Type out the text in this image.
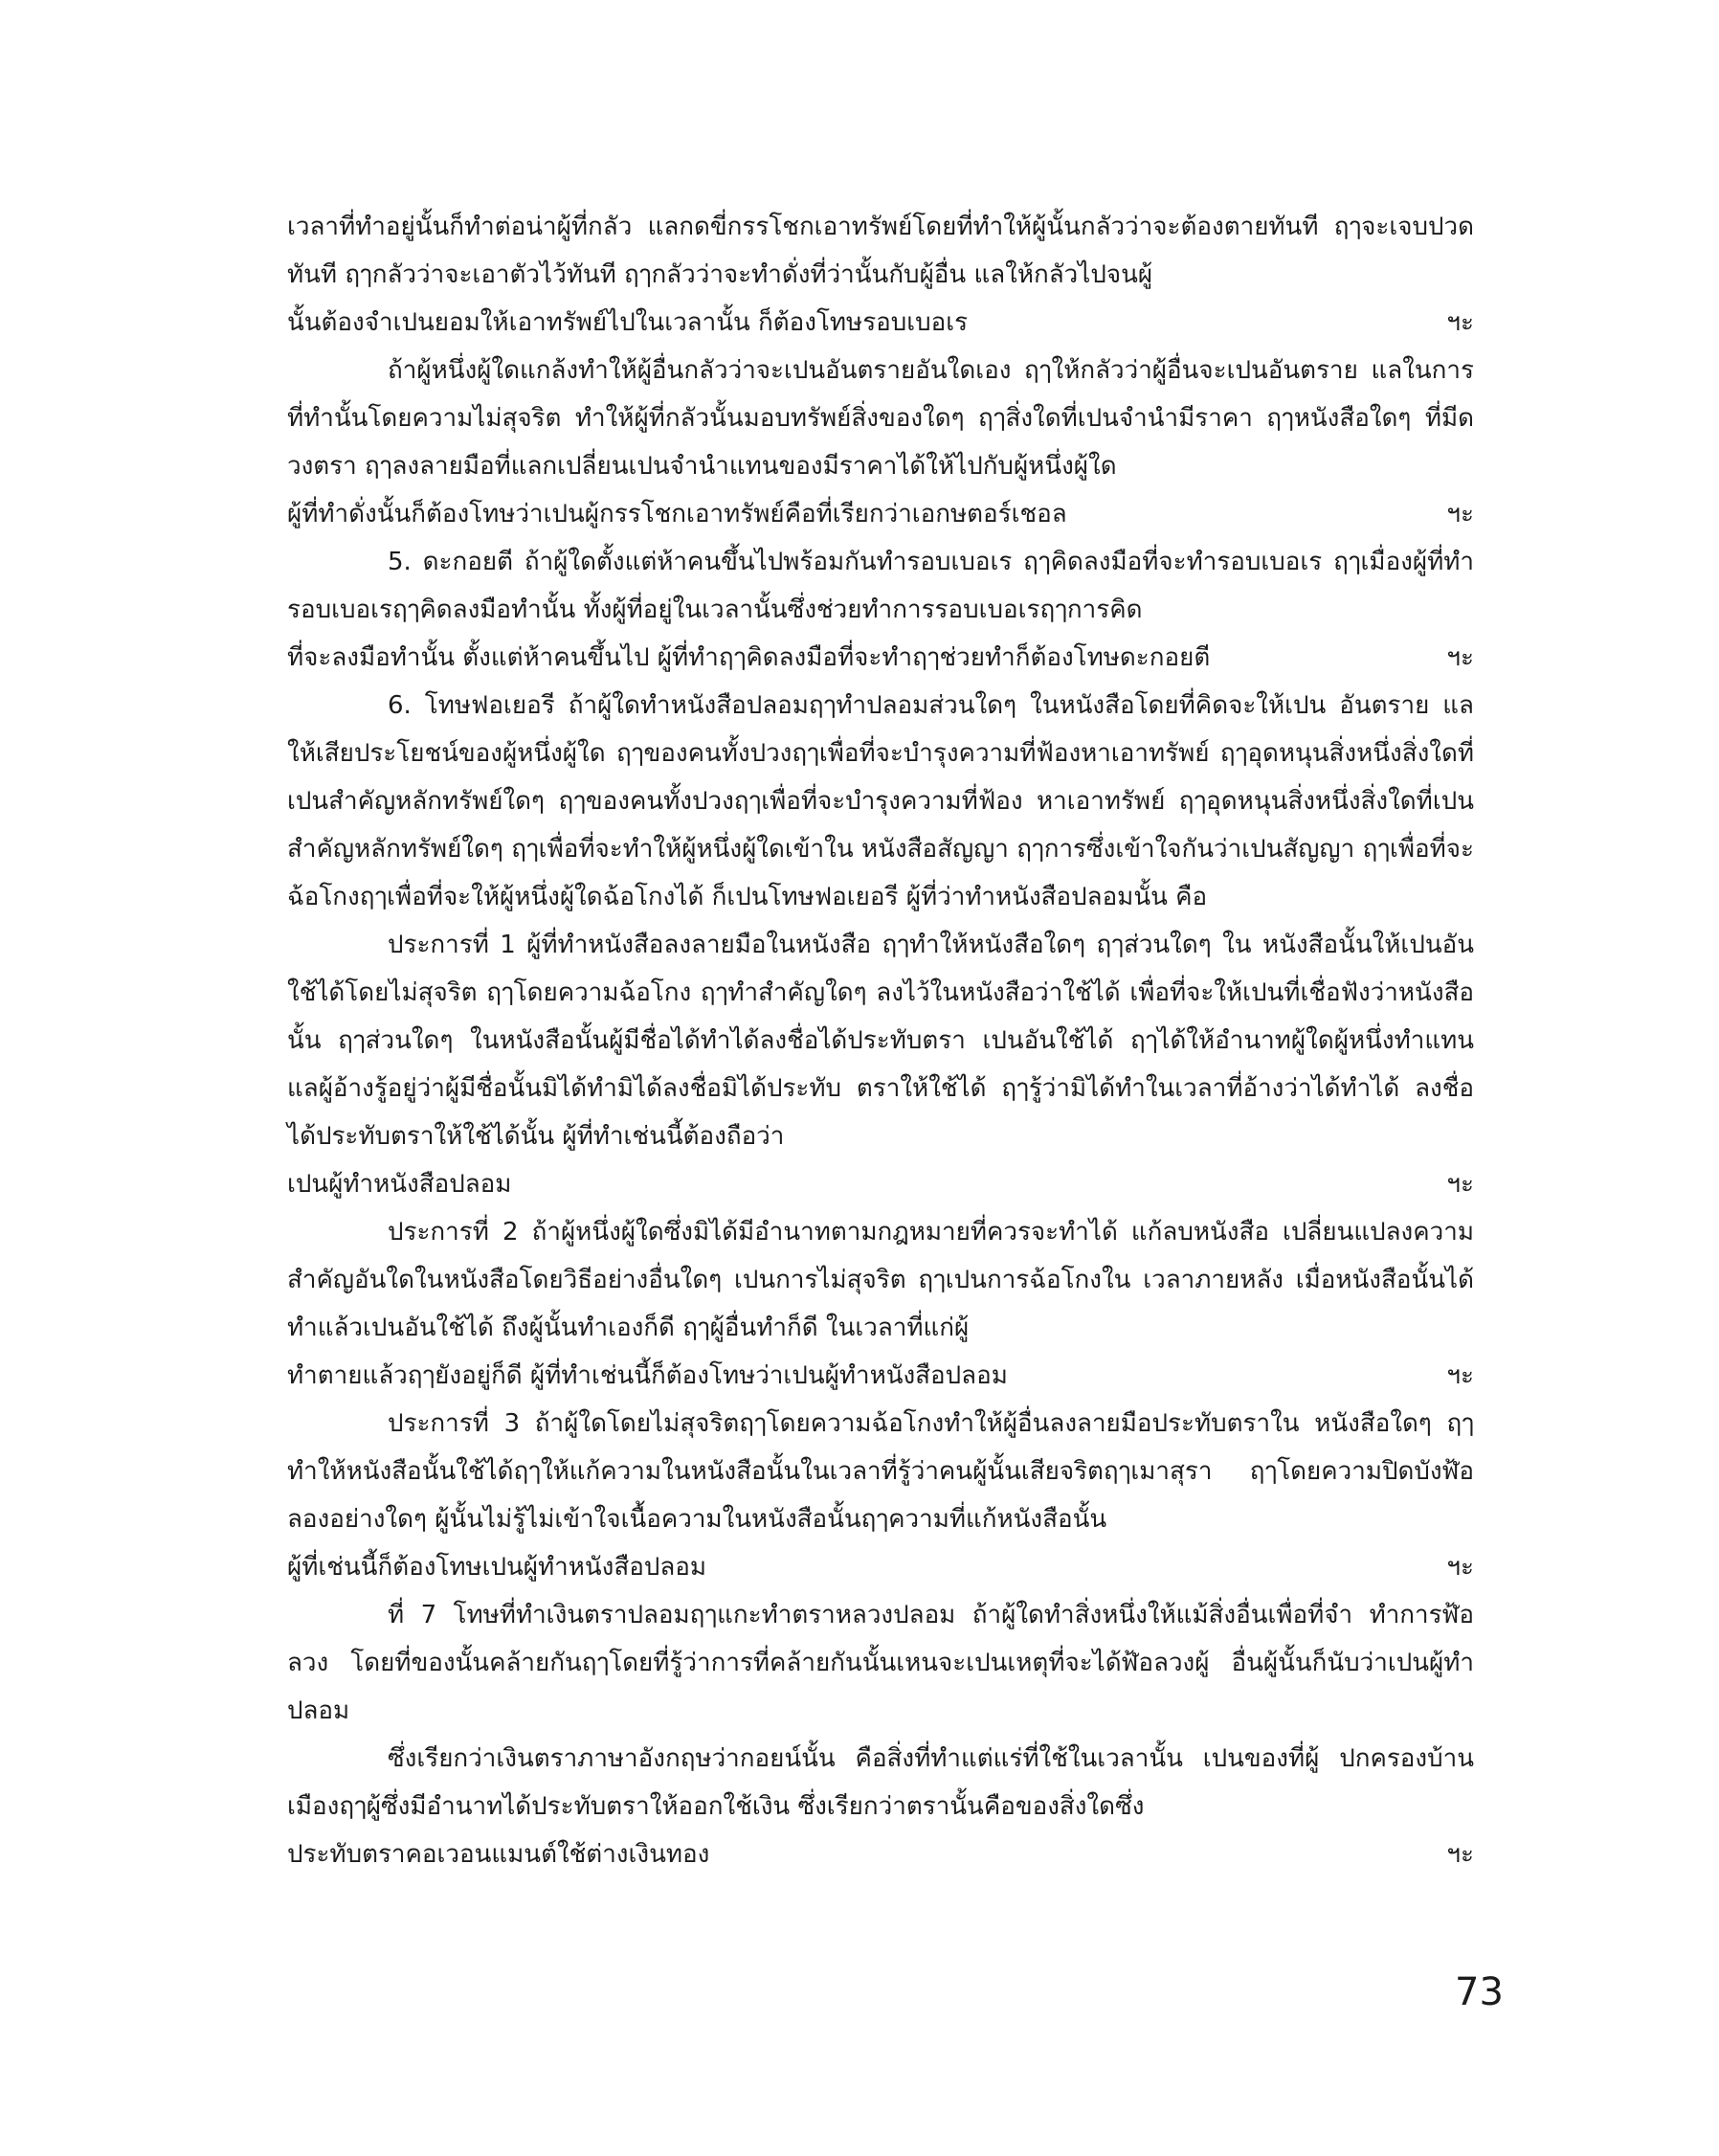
เวลาที่ทำอยู่นั้นก็ทำต่อน่าผู้ที่กลัว แลกดขี่กรรโชกเอาทรัพย์โดยที่ทำให้ผู้นั้นกลัวว่าจะต้องตายทันที ฤๅจะเจบปวดทันที ฤๅกลัวว่าจะเอาตัวไว้ทันที ฤๅกลัวว่าจะทำดั่งที่ว่านั้นกับผู้อื่น แลให้กลัวไปจนผู้

นั้นต้องจำเปนยอมให้เอาทรัพย์ไปในเวลานั้น ก็ต้องโทษรอบเบอเร	ฯะ

ถ้าผู้หนึ่งผู้ใดแกล้งทำให้ผู้อื่นกลัวว่าจะเปนอันตรายอันใดเอง ฤๅให้กลัวว่าผู้อื่นจะเปนอันตราย แลในการที่ทำนั้นโดยความไม่สุจริต ทำให้ผู้ที่กลัวนั้นมอบทรัพย์สิ่งของใดๆ ฤๅสิ่งใดที่เปนจำนำมีราคา ฤๅหนังสือใดๆ ที่มีดวงตรา ฤๅลงลายมือที่แลกเปลี่ยนเปนจำนำแทนของมีราคาได้ให้ไปกับผู้หนึ่งผู้ใด

ผู้ที่ทำดั่งนั้นก็ต้องโทษว่าเปนผู้กรรโชกเอาทรัพย์คือที่เรียกว่าเอกษตอร์เชอล	ฯะ

5. ดะกอยตี ถ้าผู้ใดตั้งแต่ห้าคนขึ้นไปพร้อมกันทำรอบเบอเร ฤๅคิดลงมือที่จะทำรอบเบอเร ฤๅเมื่องผู้ที่ทำรอบเบอเรฤๅคิดลงมือทำนั้น ทั้งผู้ที่อยู่ในเวลานั้นซึ่งช่วยทำการรอบเบอเรฤๅการคิด

ที่จะลงมือทำนั้น ตั้งแต่ห้าคนขึ้นไป ผู้ที่ทำฤๅคิดลงมือที่จะทำฤๅช่วยทำก็ต้องโทษดะกอยตี	ฯะ

6. โทษฟอเยอรี ถ้าผู้ใดทำหนังสือปลอมฤๅทำปลอมส่วนใดๆ ในหนังสือโดยที่คิดจะให้เปน อันตราย แลให้เสียประโยชน์ของผู้หนึ่งผู้ใด ฤๅของคนทั้งปวงฤๅเพื่อที่จะบำรุงความที่ฟ้องหาเอาทรัพย์ ฤๅอุดหนุนสิ่งหนึ่งสิ่งใดที่เปนสำคัญหลักทรัพย์ใดๆ ฤๅของคนทั้งปวงฤๅเพื่อที่จะบำรุงความที่ฟ้อง หาเอาทรัพย์ ฤๅอุดหนุนสิ่งหนึ่งสิ่งใดที่เปนสำคัญหลักทรัพย์ใดๆ ฤๅเพื่อที่จะทำให้ผู้หนึ่งผู้ใดเข้าใน หนังสือสัญญา ฤๅการซึ่งเข้าใจกันว่าเปนสัญญา ฤๅเพื่อที่จะฉ้อโกงฤๅเพื่อที่จะให้ผู้หนึ่งผู้ใดฉ้อโกงได้ ก็เปนโทษฟอเยอรี ผู้ที่ว่าทำหนังสือปลอมนั้น คือ

ประการที่ 1 ผู้ที่ทำหนังสือลงลายมือในหนังสือ ฤๅทำให้หนังสือใดๆ ฤๅส่วนใดๆ ใน หนังสือนั้นให้เปนอันใช้ได้โดยไม่สุจริต ฤๅโดยความฉ้อโกง ฤๅทำสำคัญใดๆ ลงไว้ในหนังสือว่าใช้ได้ เพื่อที่จะให้เปนที่เชื่อฟังว่าหนังสือนั้น ฤๅส่วนใดๆ ในหนังสือนั้นผู้มีชื่อได้ทำได้ลงชื่อได้ประทับตรา เปนอันใช้ได้ ฤๅได้ให้อำนาทผู้ใดผู้หนึ่งทำแทน แลผู้อ้างรู้อยู่ว่าผู้มีชื่อนั้นมิได้ทำมิได้ลงชื่อมิได้ประทับ ตราให้ใช้ได้ ฤๅรู้ว่ามิได้ทำในเวลาที่อ้างว่าได้ทำได้ ลงชื่อได้ประทับตราให้ใช้ได้นั้น ผู้ที่ทำเช่นนี้ต้องถือว่า

เปนผู้ทำหนังสือปลอม	ฯะ

ประการที่ 2 ถ้าผู้หนึ่งผู้ใดซึ่งมิได้มีอำนาทตามกฎหมายที่ควรจะทำได้ แก้ลบหนังสือ เปลี่ยนแปลงความสำคัญอันใดในหนังสือโดยวิธีอย่างอื่นใดๆ เปนการไม่สุจริต ฤๅเปนการฉ้อโกงใน เวลาภายหลัง เมื่อหนังสือนั้นได้ทำแล้วเปนอันใช้ได้ ถึงผู้นั้นทำเองก็ดี ฤๅผู้อื่นทำก็ดี ในเวลาที่แก่ผู้

ทำตายแล้วฤๅยังอยู่ก็ดี ผู้ที่ทำเช่นนี้ก็ต้องโทษว่าเปนผู้ทำหนังสือปลอม	ฯะ

ประการที่ 3 ถ้าผู้ใดโดยไม่สุจริตฤๅโดยความฉ้อโกงทำให้ผู้อื่นลงลายมือประทับตราใน หนังสือใดๆ ฤๅทำให้หนังสือนั้นใช้ได้ฤๅให้แก้ความในหนังสือนั้นในเวลาที่รู้ว่าคนผู้นั้นเสียจริตฤๅเมาสุรา ฤๅโดยความปิดบังฬ้อลองอย่างใดๆ ผู้นั้นไม่รู้ไม่เข้าใจเนื้อความในหนังสือนั้นฤๅความที่แก้หนังสือนั้น

ผู้ที่เช่นนี้ก็ต้องโทษเปนผู้ทำหนังสือปลอม	ฯะ

ที่ 7 โทษที่ทำเงินตราปลอมฤๅแกะทำตราหลวงปลอม ถ้าผู้ใดทำสิ่งหนึ่งให้แม้สิ่งอื่นเพื่อที่จำ ทำการฬ้อลวง โดยที่ของนั้นคล้ายกันฤๅโดยที่รู้ว่าการที่คล้ายกันนั้นเหนจะเปนเหตุที่จะได้ฬ้อลวงผู้ อื่นผู้นั้นก็นับว่าเปนผู้ทำปลอม

ซึ่งเรียกว่าเงินตราภาษาอังกฤษว่ากอยน์นั้น คือสิ่งที่ทำแต่แร่ที่ใช้ในเวลานั้น เปนของที่ผู้ ปกครองบ้านเมืองฤๅผู้ซึ่งมีอำนาทได้ประทับตราให้ออกใช้เงิน ซึ่งเรียกว่าตรานั้นคือของสิ่งใดซึ่ง

ประทับตราคอเวอนแมนต์ใช้ต่างเงินทอง	ฯะ
73
